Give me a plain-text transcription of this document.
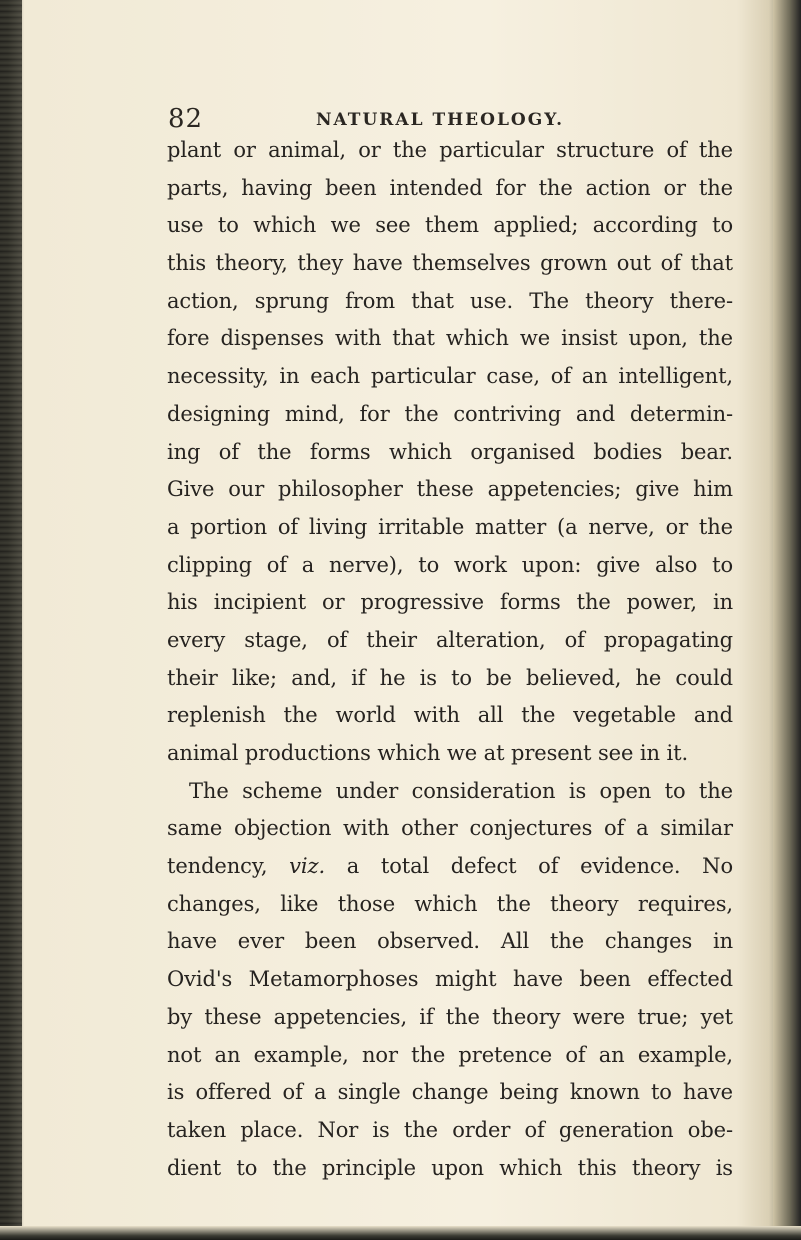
82	NATURAL THEOLOGY.
plant or animal, or the particular structure of the
parts, having been intended for the action or the
use to which we see them applied; according to
this theory, they have themselves grown out of that
action, sprung from that use. The theory there-
fore dispenses with that which we insist upon, the
necessity, in each particular case, of an intelligent,
designing mind, for the contriving and determin-
ing of the forms which organised bodies bear.
Give our philosopher these appetencies; give him
a portion of living irritable matter (a nerve, or the
clipping of a nerve), to work upon: give also to
his incipient or progressive forms the power, in
every stage, of their alteration, of propagating
their like; and, if he is to be believed, he could
replenish the world with all the vegetable and
animal productions which we at present see in it.
The scheme under consideration is open to the
same objection with other conjectures of a similar
tendency, viz. a total defect of evidence. No
changes, like those which the theory requires,
have ever been observed. All the changes in
Ovid's Metamorphoses might have been effected
by these appetencies, if the theory were true; yet
not an example, nor the pretence of an example,
is offered of a single change being known to have
taken place. Nor is the order of generation obe-
dient to the principle upon which this theory is
